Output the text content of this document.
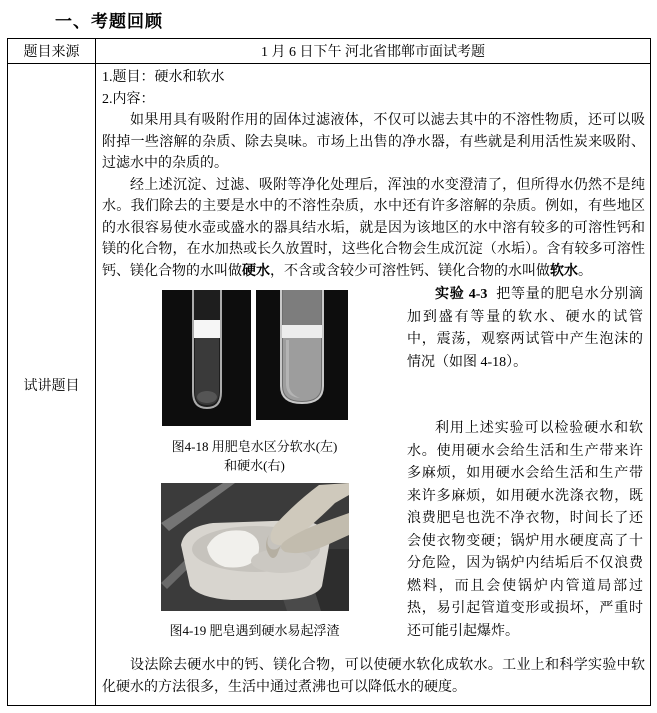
一、考题回顾
题目来源	1 月 6 日下午 河北省邯郸市面试考题
试讲题目
1.题目：硬水和软水
2.内容：

如果用具有吸附作用的固体过滤液体，不仅可以滤去其中的不溶性物质，还可以吸附掉一些溶解的杂质、除去臭味。市场上出售的净水器，有些就是利用活性炭来吸附、过滤水中的杂质的。

经上述沉淀、过滤、吸附等净化处理后，浑浊的水变澄清了，但所得水仍然不是纯水。我们除去的主要是水中的不溶性杂质，水中还有许多溶解的杂质。例如，有些地区的水很容易使水壶或盛水的器具结水垢，就是因为该地区的水中溶有较多的可溶性钙和镁的化合物，在水加热或长久放置时，这些化合物会生成沉淀（水垢）。含有较多可溶性钙、镁化合物的水叫做硬水，不含或含较少可溶性钙、镁化合物的水叫做软水。

图4-18 用肥皂水区分软水(左)
和硬水(右)
图4-19 肥皂遇到硬水易起浮渣

实验 4-3 把等量的肥皂水分别滴加到盛有等量的软水、硬水的试管中，震荡，观察两试管中产生泡沫的情况（如图 4-18）。

利用上述实验可以检验硬水和软水。使用硬水会给生活和生产带来许多麻烦，如用硬水会给生活和生产带来许多麻烦，如用硬水洗涤衣物，既浪费肥皂也洗不净衣物，时间长了还会使衣物变硬；锅炉用水硬度高了十分危险，因为锅炉内结垢后不仅浪费燃料，而且会使锅炉内管道局部过热，易引起管道变形或损坏，严重时还可能引起爆炸。

设法除去硬水中的钙、镁化合物，可以使硬水软化成软水。工业上和科学实验中软化硬水的方法很多，生活中通过煮沸也可以降低水的硬度。
